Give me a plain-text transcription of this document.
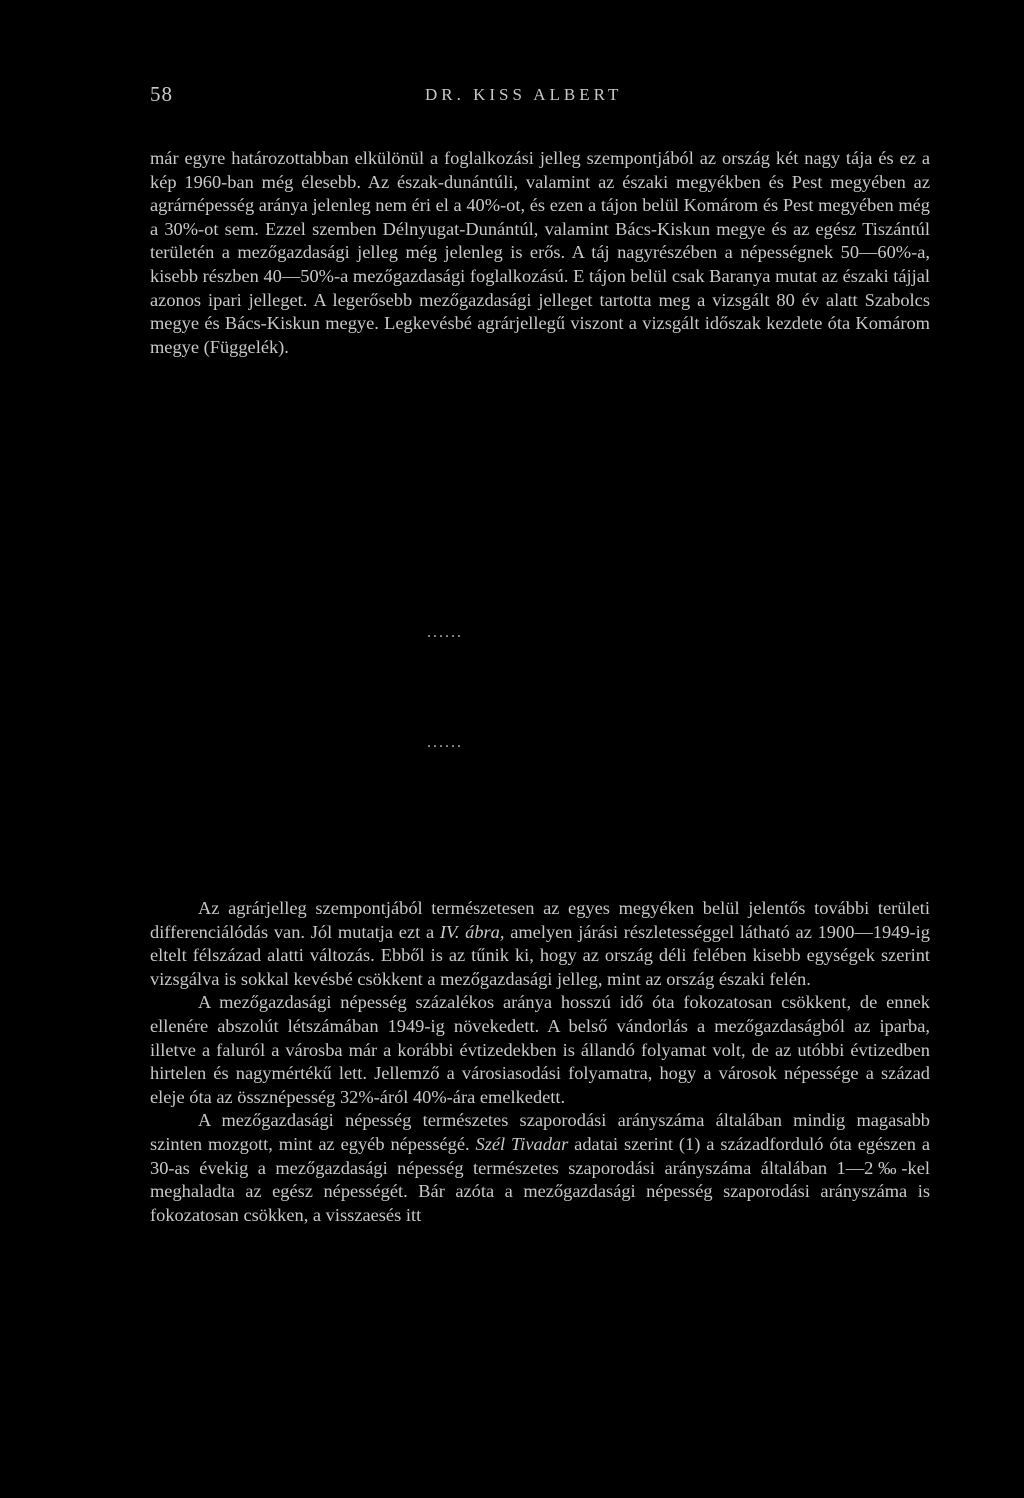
58	DR. KISS ALBERT

már egyre határozottabban elkülönül a foglalkozási jelleg szempontjából az ország két nagy tája és ez a kép 1960-ban még élesebb. Az észak-dunántúli, valamint az északi megyékben és Pest megyében az agrárnépesség aránya jelenleg nem éri el a 40%-ot, és ezen a tájon belül Komárom és Pest megyében még a 30%-ot sem. Ezzel szemben Délnyugat-Dunántúl, valamint Bács-Kiskun megye és az egész Tiszántúl területén a mezőgazdasági jelleg még jelenleg is erős. A táj nagyrészében a népességnek 50—60%-a, kisebb részben 40—50%-a mezőgazdasági foglalkozású. E tájon belül csak Baranya mutat az északi tájjal azonos ipari jelleget. A legerősebb mezőgazdasági jelleget tartotta meg a vizsgált 80 év alatt Szabolcs megye és Bács-Kiskun megye. Legkevésbé agrárjellegű viszont a vizsgált időszak kezdete óta Komárom megye (Függelék).

......
......

Az agrárjelleg szempontjából természetesen az egyes megyéken belül jelentős további területi differenciálódás van. Jól mutatja ezt a IV. ábra, amelyen járási részletességgel látható az 1900—1949-ig eltelt félszázad alatti változás. Ebből is az tűnik ki, hogy az ország déli felében kisebb egységek szerint vizsgálva is sokkal kevésbé csökkent a mezőgazdasági jelleg, mint az ország északi felén.

A mezőgazdasági népesség százalékos aránya hosszú idő óta fokozatosan csökkent, de ennek ellenére abszolút létszámában 1949-ig növekedett. A belső vándorlás a mezőgazdaságból az iparba, illetve a faluról a városba már a korábbi évtizedekben is állandó folyamat volt, de az utóbbi évtizedben hirtelen és nagymértékű lett. Jellemző a városiasodási folyamatra, hogy a városok népessége a század eleje óta az össznépesség 32%-áról 40%-ára emelkedett.

A mezőgazdasági népesség természetes szaporodási arányszáma általában mindig magasabb szinten mozgott, mint az egyéb népességé. Szél Tivadar adatai szerint (1) a századforduló óta egészen a 30-as évekig a mezőgazdasági népesség természetes szaporodási arányszáma általában 1—2‰-kel meghaladta az egész népességét. Bár azóta a mezőgazdasági népesség szaporodási arányszáma is fokozatosan csökken, a visszaesés itt
